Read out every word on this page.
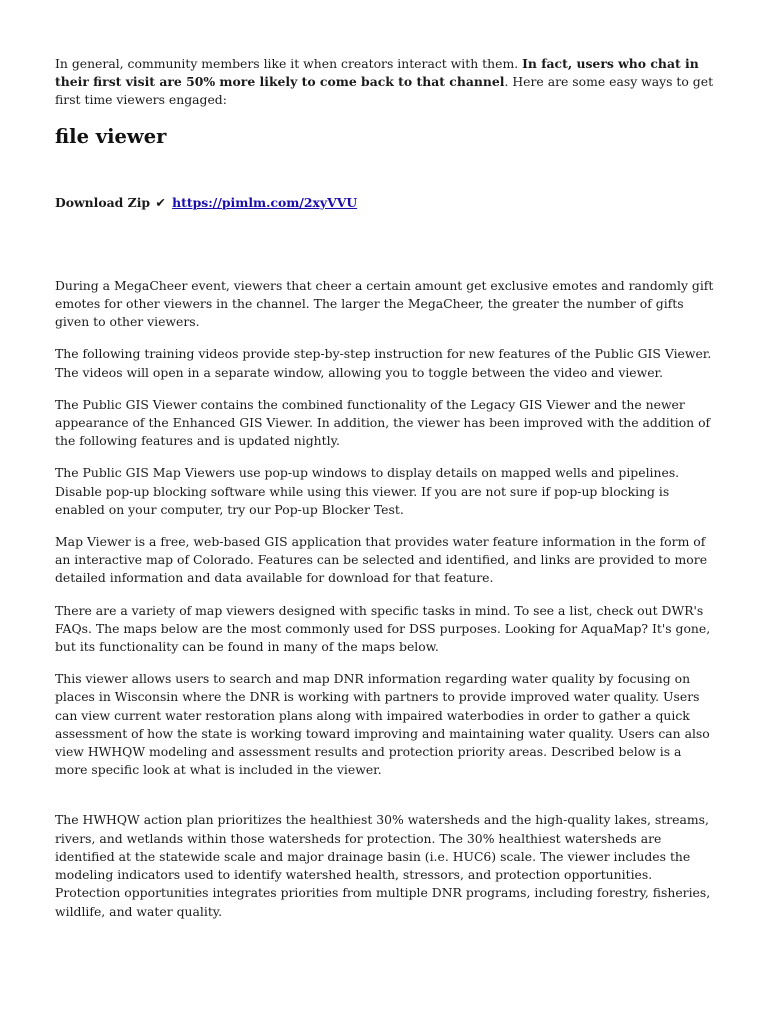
In general, community members like it when creators interact with them. In fact, users who chat in their first visit are 50% more likely to come back to that channel. Here are some easy ways to get first time viewers engaged:

file viewer

Download Zip ✔ https://pimlm.com/2xyVVU

During a MegaCheer event, viewers that cheer a certain amount get exclusive emotes and randomly gift emotes for other viewers in the channel. The larger the MegaCheer, the greater the number of gifts given to other viewers.

The following training videos provide step-by-step instruction for new features of the Public GIS Viewer. The videos will open in a separate window, allowing you to toggle between the video and viewer.

The Public GIS Viewer contains the combined functionality of the Legacy GIS Viewer and the newer appearance of the Enhanced GIS Viewer. In addition, the viewer has been improved with the addition of the following features and is updated nightly.

The Public GIS Map Viewers use pop-up windows to display details on mapped wells and pipelines. Disable pop-up blocking software while using this viewer. If you are not sure if pop-up blocking is enabled on your computer, try our Pop-up Blocker Test.

Map Viewer is a free, web-based GIS application that provides water feature information in the form of an interactive map of Colorado. Features can be selected and identified, and links are provided to more detailed information and data available for download for that feature.

There are a variety of map viewers designed with specific tasks in mind. To see a list, check out DWR's FAQs. The maps below are the most commonly used for DSS purposes. Looking for AquaMap? It's gone, but its functionality can be found in many of the maps below.

This viewer allows users to search and map DNR information regarding water quality by focusing on places in Wisconsin where the DNR is working with partners to provide improved water quality. Users can view current water restoration plans along with impaired waterbodies in order to gather a quick assessment of how the state is working toward improving and maintaining water quality. Users can also view HWHQW modeling and assessment results and protection priority areas. Described below is a more specific look at what is included in the viewer.

The HWHQW action plan prioritizes the healthiest 30% watersheds and the high-quality lakes, streams, rivers, and wetlands within those watersheds for protection. The 30% healthiest watersheds are identified at the statewide scale and major drainage basin (i.e. HUC6) scale. The viewer includes the modeling indicators used to identify watershed health, stressors, and protection opportunities. Protection opportunities integrates priorities from multiple DNR programs, including forestry, fisheries, wildlife, and water quality.
